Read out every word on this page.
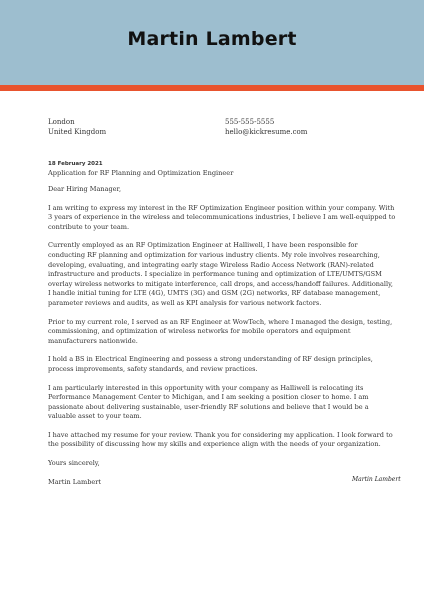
Martin Lambert
London
United Kingdom
555-555-5555
hello@kickresume.com
18 February 2021
Application for RF Planning and Optimization Engineer

Dear Hiring Manager,

I am writing to express my interest in the RF Optimization Engineer position within your company. With 3 years of experience in the wireless and telecommunications industries, I believe I am well-equipped to contribute to your team.

Currently employed as an RF Optimization Engineer at Halliwell, I have been responsible for conducting RF planning and optimization for various industry clients. My role involves researching, developing, evaluating, and integrating early stage Wireless Radio Access Network (RAN)-related infrastructure and products. I specialize in performance tuning and optimization of LTE/UMTS/GSM overlay wireless networks to mitigate interference, call drops, and access/handoff failures. Additionally, I handle initial tuning for LTE (4G), UMTS (3G) and GSM (2G) networks, RF database management, parameter reviews and audits, as well as KPI analysis for various network factors.

Prior to my current role, I served as an RF Engineer at WowTech, where I managed the design, testing, commissioning, and optimization of wireless networks for mobile operators and equipment manufacturers nationwide.

I hold a BS in Electrical Engineering and possess a strong understanding of RF design principles, process improvements, safety standards, and review practices.

I am particularly interested in this opportunity with your company as Halliwell is relocating its Performance Management Center to Michigan, and I am seeking a position closer to home. I am passionate about delivering sustainable, user-friendly RF solutions and believe that I would be a valuable asset to your team.

I have attached my resume for your review. Thank you for considering my application. I look forward to the possibility of discussing how my skills and experience align with the needs of your organization.

Yours sincerely,

Martin Lambert	Martin Lambert
